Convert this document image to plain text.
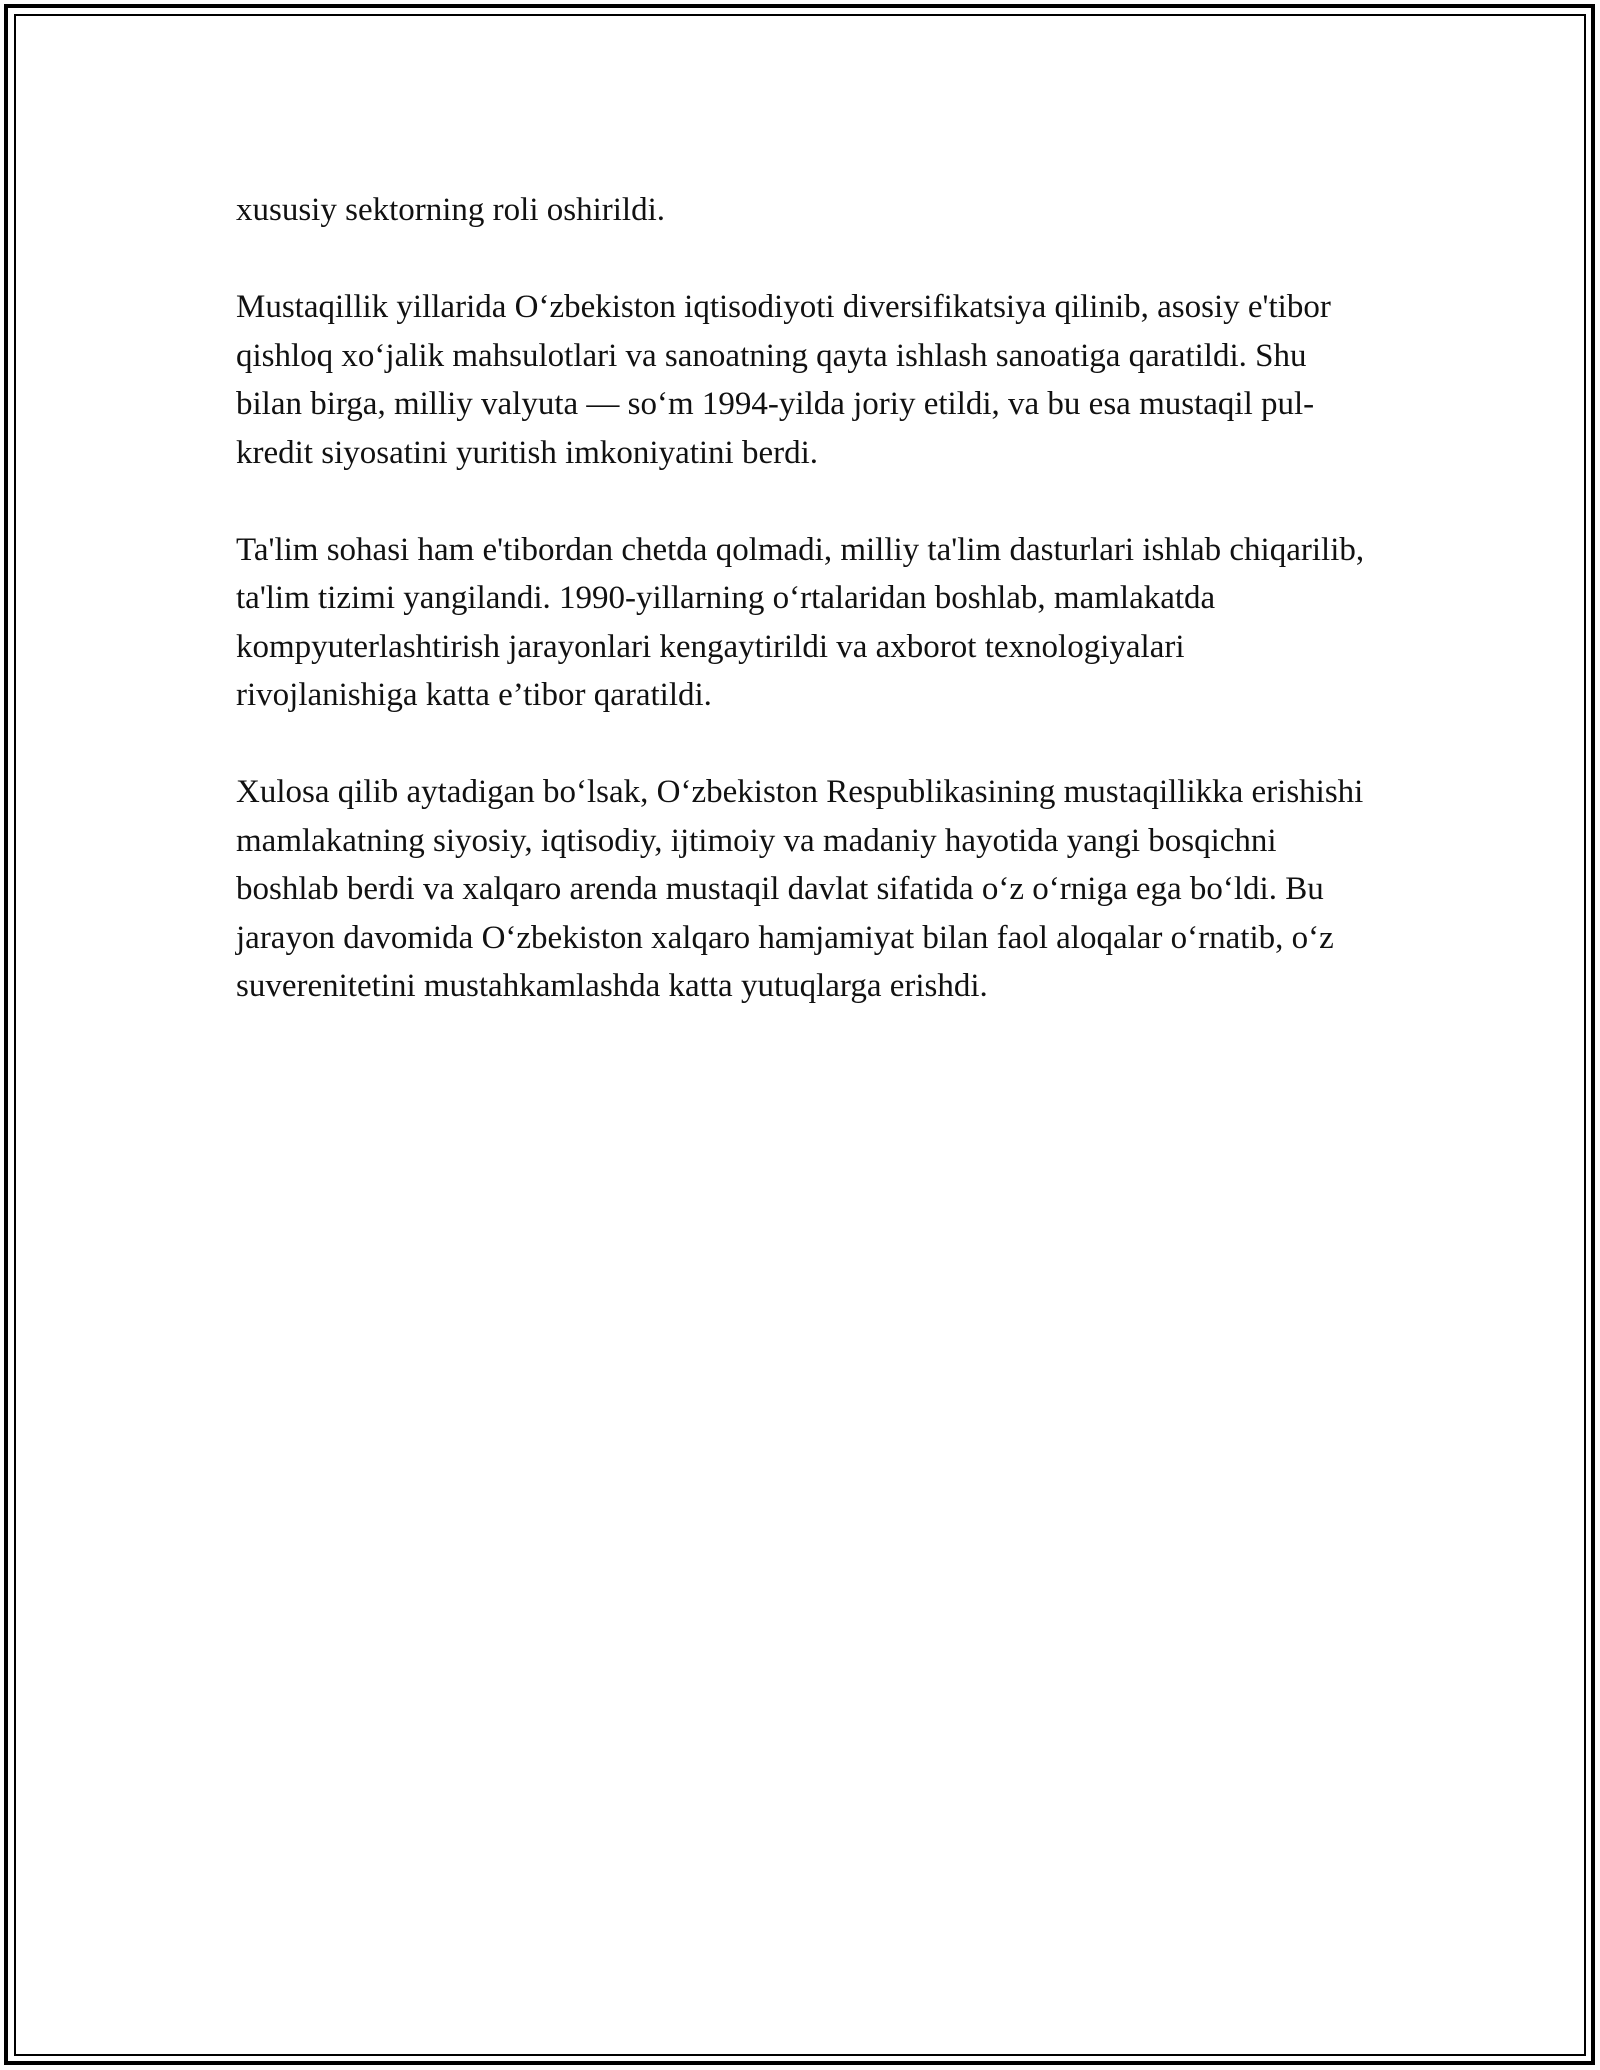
xususiy sektorning roli oshirildi.

Mustaqillik yillarida O‘zbekiston iqtisodiyoti diversifikatsiya qilinib, asosiy e'tibor qishloq xo‘jalik mahsulotlari va sanoatning qayta ishlash sanoatiga qaratildi. Shu bilan birga, milliy valyuta — so‘m 1994-yilda joriy etildi, va bu esa mustaqil pul-kredit siyosatini yuritish imkoniyatini berdi.

Ta'lim sohasi ham e'tibordan chetda qolmadi, milliy ta'lim dasturlari ishlab chiqarilib, ta'lim tizimi yangilandi. 1990-yillarning o‘rtalaridan boshlab, mamlakatda kompyuterlashtirish jarayonlari kengaytirildi va axborot texnologiyalari rivojlanishiga katta e’tibor qaratildi.

Xulosa qilib aytadigan bo‘lsak, O‘zbekiston Respublikasining mustaqillikka erishishi mamlakatning siyosiy, iqtisodiy, ijtimoiy va madaniy hayotida yangi bosqichni boshlab berdi va xalqaro arenda mustaqil davlat sifatida o‘z o‘rniga ega bo‘ldi. Bu jarayon davomida O‘zbekiston xalqaro hamjamiyat bilan faol aloqalar o‘rnatib, o‘z suverenitetini mustahkamlashda katta yutuqlarga erishdi.
